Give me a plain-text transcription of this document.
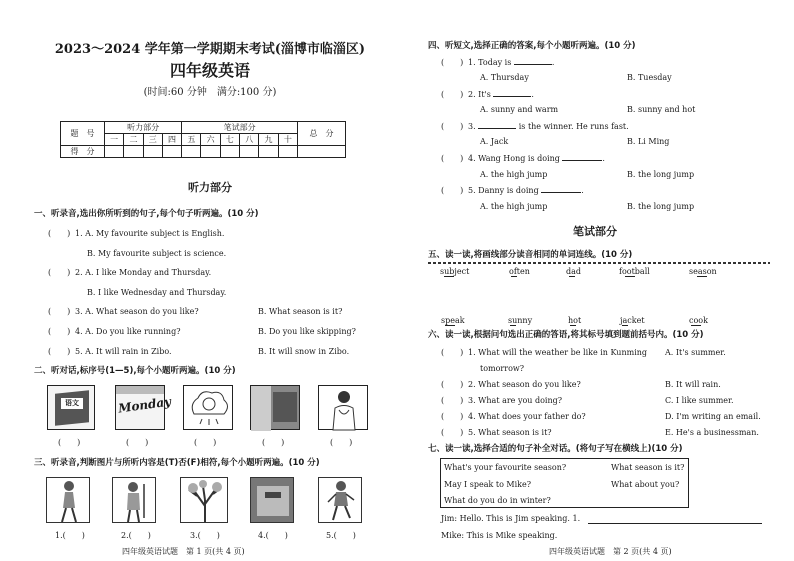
2023～2024 学年第一学期期末考试(淄博市临淄区)
四年级英语
(时间:60 分钟　满分:100 分)
题　号	听力部分				笔试部分						总　分
	一	二	三	四	五	六	七	八	九	十	
得　分											
听力部分
一、听录音,选出你所听到的句子,每个句子听两遍。(10 分)
(　　) 1. A. My favourite subject is English.
B. My favourite subject is science.
(　　) 2. A. I like Monday and Thursday.
B. I like Wednesday and Thursday.
(　　) 3. A. What season do you like?	B. What season is it?
(　　) 4. A. Do you like running?	B. Do you like skipping?
(　　) 5. A. It will rain in Zibo.	B. It will snow in Zibo.
二、听对话,标序号(1—5),每个小题听两遍。(10 分)
语文	Monday
(　　)	(　　)	(　　)	(　　)	(　　)
三、听录音,判断图片与所听内容是(T)否(F)相符,每个小题听两遍。(10 分)
1.(　　)	2.(　　)	3.(　　)	4.(　　)	5.(　　)
四年级英语试题　第 1 页(共 4 页)
四、听短文,选择正确的答案,每个小题听两遍。(10 分)
(　　) 1. Today is	.
A. Thursday	B. Tuesday
(　　) 2. It's	.
A. sunny and warm	B. sunny and hot
(　　) 3.	is the winner. He runs fast.
A. Jack	B. Li Ming
(　　) 4. Wang Hong is doing	.
A. the high jump	B. the long jump
(　　) 5. Danny is doing	.
A. the high jump	B. the long jump
笔试部分
五、读一读,将画线部分读音相同的单词连线。(10 分)
subject	often	dad	football	season
speak	sunny	hot	jacket	cook
六、读一读,根据问句选出正确的答语,将其标号填到题前括号内。(10 分)
(　　) 1. What will the weather be like in Kunming A. It's summer.
tomorrow?
(　　) 2. What season do you like?	B. It will rain.
(　　) 3. What are you doing?	C. I like summer.
(　　) 4. What does your father do?	D. I'm writing an email.
(　　) 5. What season is it?	E. He's a businessman.
七、读一读,选择合适的句子补全对话。(将句子写在横线上)(10 分)
What's your favourite season?	What season is it?
May I speak to Mike?	What about you?
What do you do in winter?
Jim: Hello. This is Jim speaking. 1.
Mike: This is Mike speaking.
四年级英语试题　第 2 页(共 4 页)
